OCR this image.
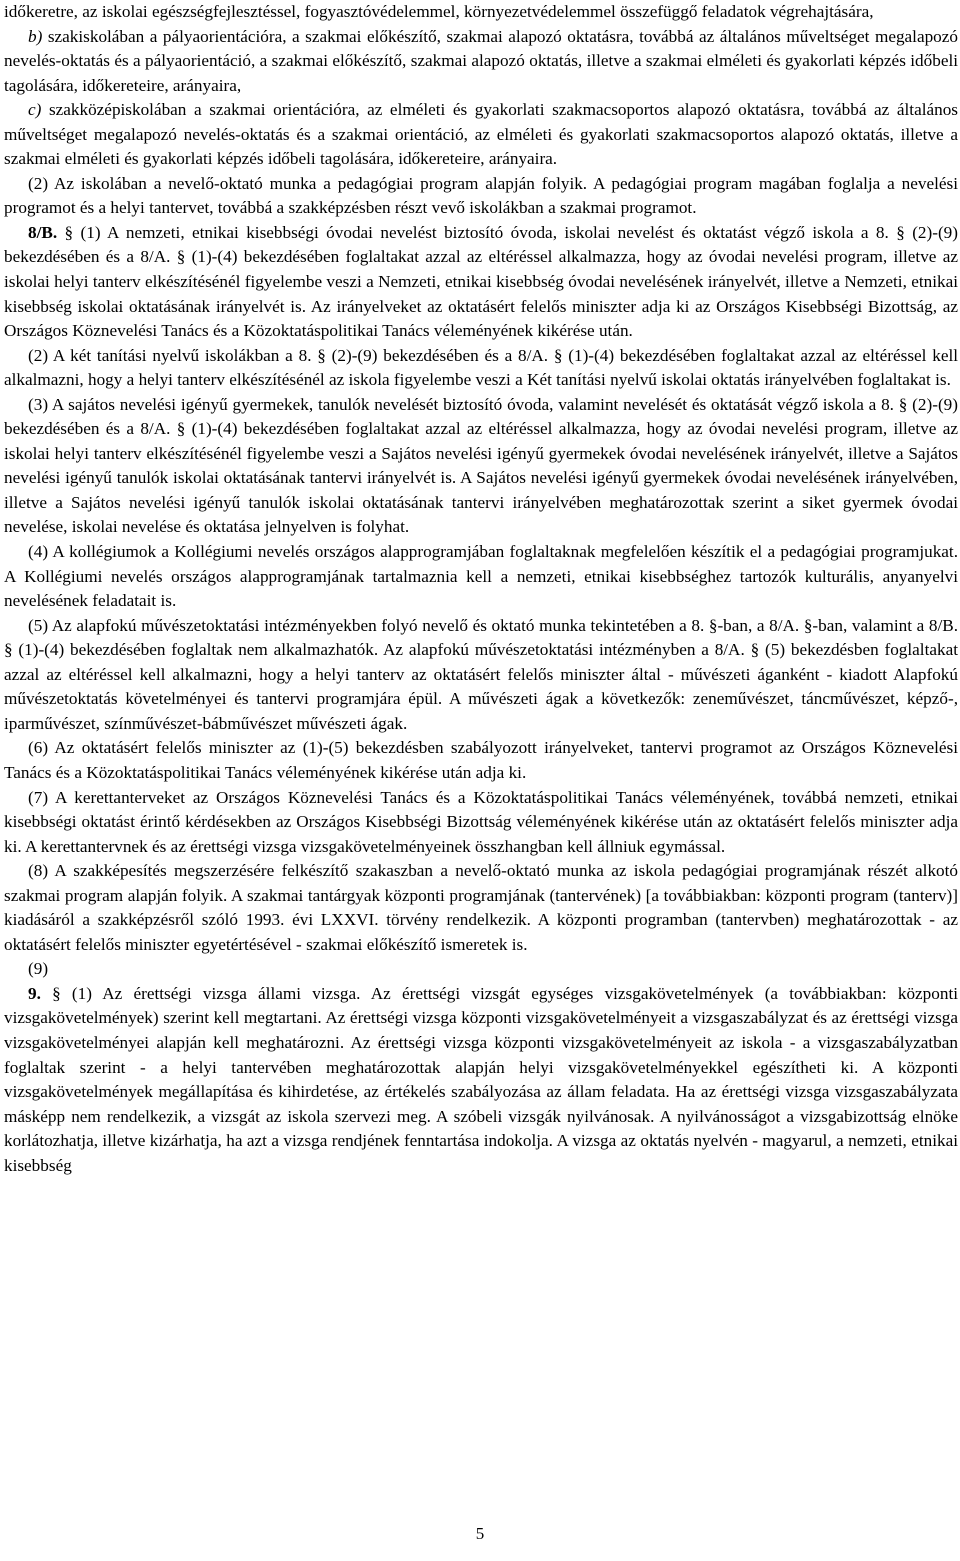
időkeretre, az iskolai egészségfejlesztéssel, fogyasztóvédelemmel, környezetvédelemmel összefüggő feladatok végrehajtására,

b) szakiskolában a pályaorientációra, a szakmai előkészítő, szakmai alapozó oktatásra, továbbá az általános műveltséget megalapozó nevelés-oktatás és a pályaorientáció, a szakmai előkészítő, szakmai alapozó oktatás, illetve a szakmai elméleti és gyakorlati képzés időbeli tagolására, időkereteire, arányaira,

c) szakközépiskolában a szakmai orientációra, az elméleti és gyakorlati szakmacsoportos alapozó oktatásra, továbbá az általános műveltséget megalapozó nevelés-oktatás és a szakmai orientáció, az elméleti és gyakorlati szakmacsoportos alapozó oktatás, illetve a szakmai elméleti és gyakorlati képzés időbeli tagolására, időkereteire, arányaira.

(2) Az iskolában a nevelő-oktató munka a pedagógiai program alapján folyik. A pedagógiai program magában foglalja a nevelési programot és a helyi tantervet, továbbá a szakképzésben részt vevő iskolákban a szakmai programot.

8/B. § (1) A nemzeti, etnikai kisebbségi óvodai nevelést biztosító óvoda, iskolai nevelést és oktatást végző iskola a 8. § (2)-(9) bekezdésében és a 8/A. § (1)-(4) bekezdésében foglaltakat azzal az eltéréssel alkalmazza, hogy az óvodai nevelési program, illetve az iskolai helyi tanterv elkészítésénél figyelembe veszi a Nemzeti, etnikai kisebbség óvodai nevelésének irányelvét, illetve a Nemzeti, etnikai kisebbség iskolai oktatásának irányelvét is. Az irányelveket az oktatásért felelős miniszter adja ki az Országos Kisebbségi Bizottság, az Országos Köznevelési Tanács és a Közoktatáspolitikai Tanács véleményének kikérése után.

(2) A két tanítási nyelvű iskolákban a 8. § (2)-(9) bekezdésében és a 8/A. § (1)-(4) bekezdésében foglaltakat azzal az eltéréssel kell alkalmazni, hogy a helyi tanterv elkészítésénél az iskola figyelembe veszi a Két tanítási nyelvű iskolai oktatás irányelvében foglaltakat is.

(3) A sajátos nevelési igényű gyermekek, tanulók nevelését biztosító óvoda, valamint nevelését és oktatását végző iskola a 8. § (2)-(9) bekezdésében és a 8/A. § (1)-(4) bekezdésében foglaltakat azzal az eltéréssel alkalmazza, hogy az óvodai nevelési program, illetve az iskolai helyi tanterv elkészítésénél figyelembe veszi a Sajátos nevelési igényű gyermekek óvodai nevelésének irányelvét, illetve a Sajátos nevelési igényű tanulók iskolai oktatásának tantervi irányelvét is. A Sajátos nevelési igényű gyermekek óvodai nevelésének irányelvében, illetve a Sajátos nevelési igényű tanulók iskolai oktatásának tantervi irányelvében meghatározottak szerint a siket gyermek óvodai nevelése, iskolai nevelése és oktatása jelnyelven is folyhat.

(4) A kollégiumok a Kollégiumi nevelés országos alapprogramjában foglaltaknak megfelelően készítik el a pedagógiai programjukat. A Kollégiumi nevelés országos alapprogramjának tartalmaznia kell a nemzeti, etnikai kisebbséghez tartozók kulturális, anyanyelvi nevelésének feladatait is.

(5) Az alapfokú művészetoktatási intézményekben folyó nevelő és oktató munka tekintetében a 8. §-ban, a 8/A. §-ban, valamint a 8/B. § (1)-(4) bekezdésében foglaltak nem alkalmazhatók. Az alapfokú művészetoktatási intézményben a 8/A. § (5) bekezdésben foglaltakat azzal az eltéréssel kell alkalmazni, hogy a helyi tanterv az oktatásért felelős miniszter által - művészeti áganként - kiadott Alapfokú művészetoktatás követelményei és tantervi programjára épül. A művészeti ágak a következők: zeneművészet, táncművészet, képző-, iparművészet, színművészet-bábművészet művészeti ágak.

(6) Az oktatásért felelős miniszter az (1)-(5) bekezdésben szabályozott irányelveket, tantervi programot az Országos Köznevelési Tanács és a Közoktatáspolitikai Tanács véleményének kikérése után adja ki.

(7) A kerettanterveket az Országos Köznevelési Tanács és a Közoktatáspolitikai Tanács véleményének, továbbá nemzeti, etnikai kisebbségi oktatást érintő kérdésekben az Országos Kisebbségi Bizottság véleményének kikérése után az oktatásért felelős miniszter adja ki. A kerettantervnek és az érettségi vizsga vizsgakövetelményeinek összhangban kell állniuk egymással.

(8) A szakképesítés megszerzésére felkészítő szakaszban a nevelő-oktató munka az iskola pedagógiai programjának részét alkotó szakmai program alapján folyik. A szakmai tantárgyak központi programjának (tantervének) [a továbbiakban: központi program (tanterv)] kiadásáról a szakképzésről szóló 1993. évi LXXVI. törvény rendelkezik. A központi programban (tantervben) meghatározottak - az oktatásért felelős miniszter egyetértésével - szakmai előkészítő ismeretek is.

(9)

9. § (1) Az érettségi vizsga állami vizsga. Az érettségi vizsgát egységes vizsgakövetelmények (a továbbiakban: központi vizsgakövetelmények) szerint kell megtartani. Az érettségi vizsga központi vizsgakövetelményeit a vizsgaszabályzat és az érettségi vizsga vizsgakövetelményei alapján kell meghatározni. Az érettségi vizsga központi vizsgakövetelményeit az iskola - a vizsgaszabályzatban foglaltak szerint - a helyi tantervében meghatározottak alapján helyi vizsgakövetelményekkel egészítheti ki. A központi vizsgakövetelmények megállapítása és kihirdetése, az értékelés szabályozása az állam feladata. Ha az érettségi vizsga vizsgaszabályzata másképp nem rendelkezik, a vizsgát az iskola szervezi meg. A szóbeli vizsgák nyilvánosak. A nyilvánosságot a vizsgabizottság elnöke korlátozhatja, illetve kizárhatja, ha azt a vizsga rendjének fenntartása indokolja. A vizsga az oktatás nyelvén - magyarul, a nemzeti, etnikai kisebbség

5
